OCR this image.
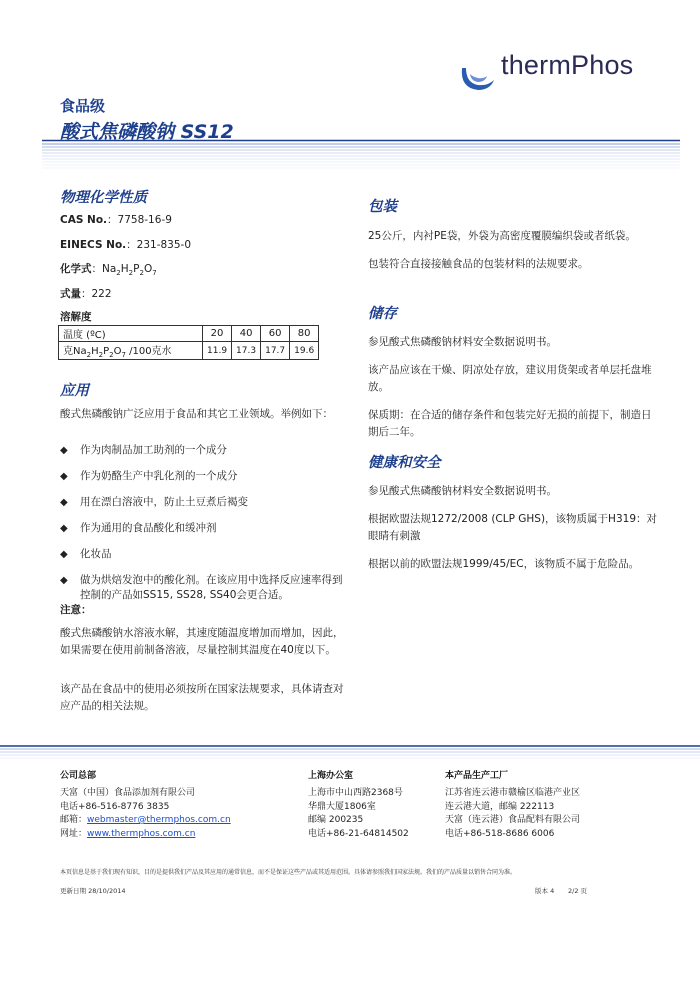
thermPhos
食品级
酸式焦磷酸钠 SS12
物理化学性质
CAS No.：7758-16-9
EINECS No.：231-835-0
化学式：$Na_2H_2P_2O_7$
式量：222
溶解度
温度 (ºC)	20	40	60	80
克$Na_2H_2P_2O_7$ /100克水	11.9	17.3	17.7	19.6
应用
酸式焦磷酸钠广泛应用于食品和其它工业领域。举例如下：
◆ 作为肉制品加工助剂的一个成分
◆ 作为奶酪生产中乳化剂的一个成分
◆ 用在漂白溶液中，防止土豆煮后褐变
◆ 作为通用的食品酸化和缓冲剂
◆ 化妆品
◆ 做为烘焙发泡中的酸化剂。在该应用中选择反应速率得到控制的产品如SS15, SS28, SS40会更合适。
注意：
酸式焦磷酸钠水溶液水解，其速度随温度增加而增加，因此，如果需要在使用前制备溶液，尽量控制其温度在40度以下。
该产品在食品中的使用必须按所在国家法规要求，具体请查对应产品的相关法规。
包装

25公斤，内衬PE袋，外袋为高密度覆膜编织袋或者纸袋。

包装符合直接接触食品的包装材料的法规要求。

储存

参见酸式焦磷酸钠材料安全数据说明书。

该产品应该在干燥、阴凉处存放，建议用货架或者单层托盘堆放。

保质期：在合适的储存条件和包装完好无损的前提下，制造日期后二年。

健康和安全

参见酸式焦磷酸钠材料安全数据说明书。

根据欧盟法规1272/2008 (CLP GHS)，该物质属于H319：对眼睛有刺激

根据以前的欧盟法规1999/45/EC，该物质不属于危险品。

公司总部
天富（中国）食品添加剂有限公司
电话+86-516-8776 3835
邮箱：webmaster@thermphos.com.cn
网址：www.thermphos.com.cn
上海办公室
上海市中山西路2368号
华鼎大厦1806室
邮编 200235
电话+86-21-64814502
本产品生产工厂
江苏省连云港市赣榆区临港产业区
连云港大道，邮编 222113
天富（连云港）食品配料有限公司
电话+86-518-8686 6006
本页信息是基于我们现有知识，目的是提供我们产品及其应用的通常信息，而不是保证这些产品或其适用范围。具体请参照我们国家法规。我们的产品质量以销售合同为准。
更新日期 28/10/2014	版本 4 2/2 页
